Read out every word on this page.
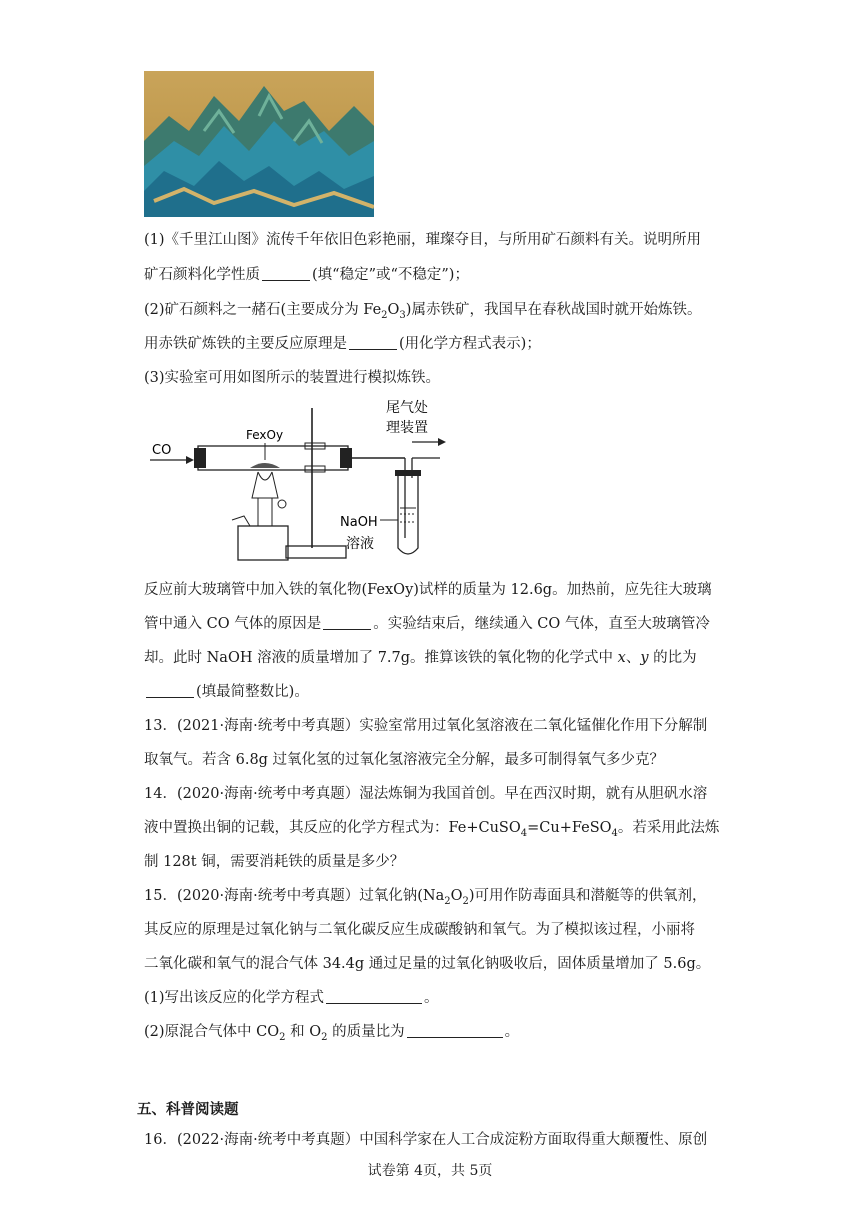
(1)《千里江山图》流传千年依旧色彩艳丽，璀璨夺目，与所用矿石颜料有关。说明所用
矿石颜料化学性质	(填“稳定”或“不稳定”)；
(2)矿石颜料之一赭石(主要成分为 $Fe_2O_3$)属赤铁矿，我国早在春秋战国时就开始炼铁。
用赤铁矿炼铁的主要反应原理是	(用化学方程式表示)；
(3)实验室可用如图所示的装置进行模拟炼铁。
CO
FexOy
尾气处
理装置
NaOH
溶液
反应前大玻璃管中加入铁的氧化物(FexOy)试样的质量为 12.6g。加热前，应先往大玻璃
管中通入 CO 气体的原因是	。实验结束后，继续通入 CO 气体，直至大玻璃管冷
却。此时 NaOH 溶液的质量增加了 7.7g。推算该铁的氧化物的化学式中 x、y 的比为
(填最简整数比)。
13．(2021·海南·统考中考真题）实验室常用过氧化氢溶液在二氧化锰催化作用下分解制
取氧气。若含 6.8g 过氧化氢的过氧化氢溶液完全分解，最多可制得氧气多少克？
14．(2020·海南·统考中考真题）湿法炼铜为我国首创。早在西汉时期，就有从胆矾水溶
液中置换出铜的记载，其反应的化学方程式为：Fe+CuSO$_4$=Cu+FeSO$_4$。若采用此法炼
制 128t 铜，需要消耗铁的质量是多少？
15．(2020·海南·统考中考真题）过氧化钠$(Na_2O_2)$可用作防毒面具和潜艇等的供氧剂，
其反应的原理是过氧化钠与二氧化碳反应生成碳酸钠和氧气。为了模拟该过程，小丽将
二氧化碳和氧气的混合气体 34.4g 通过足量的过氧化钠吸收后，固体质量增加了 5.6g。
(1)写出该反应的化学方程式	。
(2)原混合气体中 $CO_2$ 和 $O_2$ 的质量比为	。
五、科普阅读题
16．(2022·海南·统考中考真题）中国科学家在人工合成淀粉方面取得重大颠覆性、原创
试卷第 4页，共 5页
